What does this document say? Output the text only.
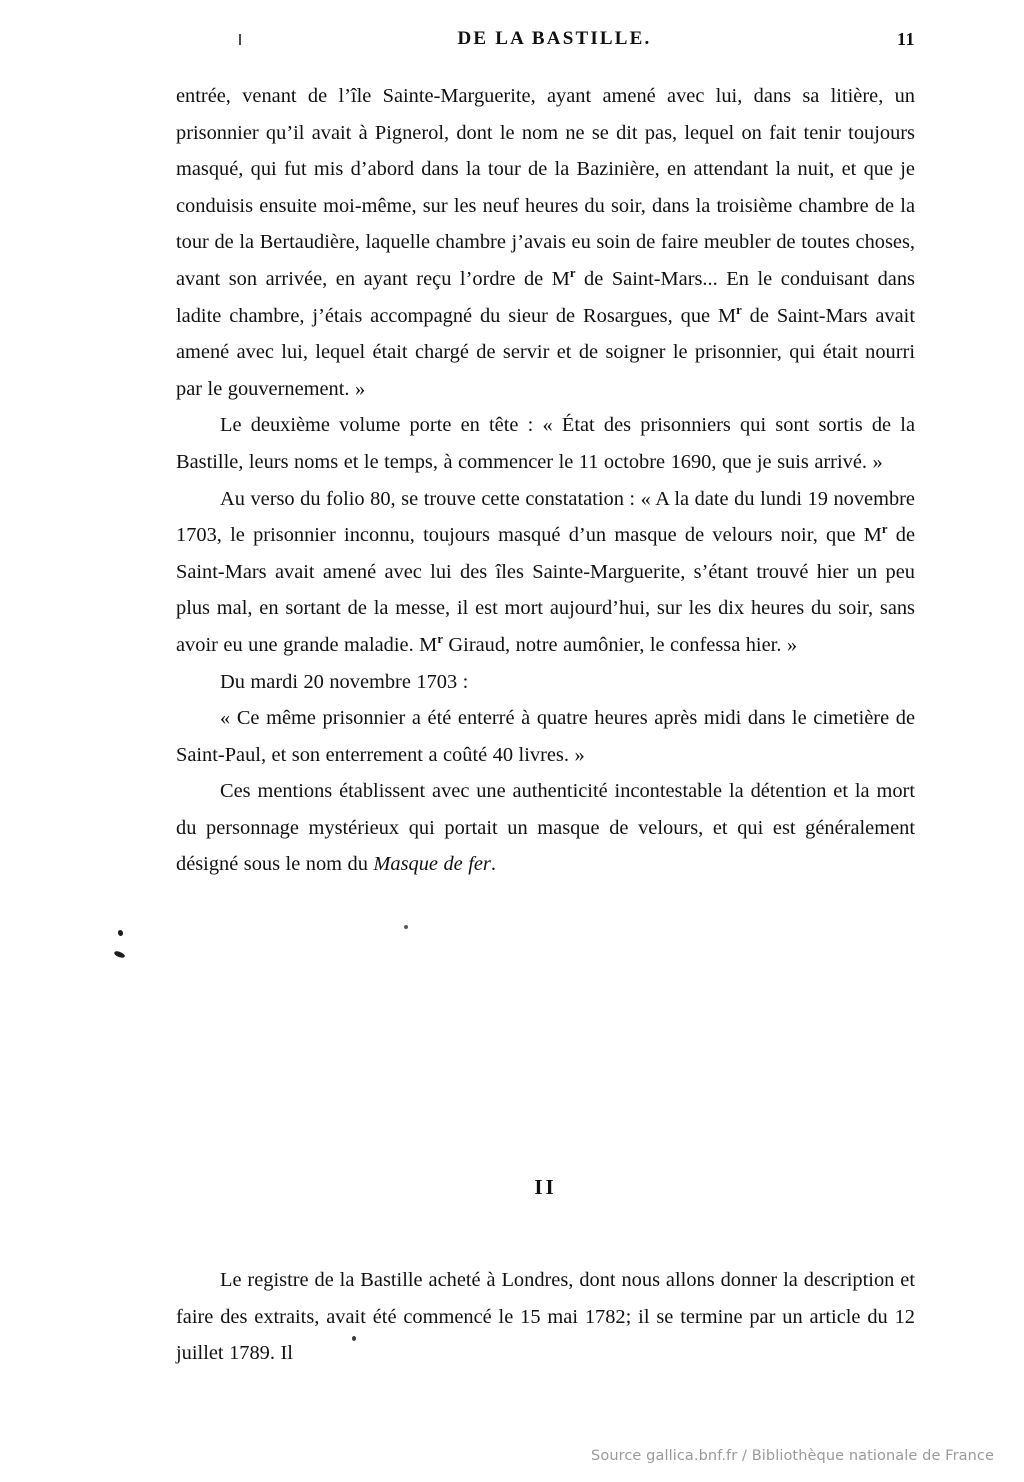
DE LA BASTILLE.	11

entrée, venant de l’île Sainte-Marguerite, ayant amené avec lui, dans sa litière, un prisonnier qu’il avait à Pignerol, dont le nom ne se dit pas, lequel on fait tenir toujours masqué, qui fut mis d’abord dans la tour de la Bazinière, en attendant la nuit, et que je conduisis ensuite moi-même, sur les neuf heures du soir, dans la troisième chambre de la tour de la Bertaudière, laquelle chambre j’avais eu soin de faire meubler de toutes choses, avant son arrivée, en ayant reçu l’ordre de $M^r$ de Saint-Mars... En le conduisant dans ladite chambre, j’étais accompagné du sieur de Rosargues, que $M^r$ de Saint-Mars avait amené avec lui, lequel était chargé de servir et de soigner le prisonnier, qui était nourri par le gouvernement. »

Le deuxième volume porte en tête : « État des prisonniers qui sont sortis de la Bastille, leurs noms et le temps, à commencer le 11 octobre 1690, que je suis arrivé. »

Au verso du folio 80, se trouve cette constatation : « A la date du lundi 19 novembre 1703, le prisonnier inconnu, toujours masqué d’un masque de velours noir, que $M^r$ de Saint-Mars avait amené avec lui des îles Sainte-Marguerite, s’étant trouvé hier un peu plus mal, en sortant de la messe, il est mort aujourd’hui, sur les dix heures du soir, sans avoir eu une grande maladie. $M^r$ Giraud, notre aumônier, le confessa hier. »

Du mardi 20 novembre 1703 :

« Ce même prisonnier a été enterré à quatre heures après midi dans le cimetière de Saint-Paul, et son enterrement a coûté 40 livres. »

Ces mentions établissent avec une authenticité incontestable la détention et la mort du personnage mystérieux qui portait un masque de velours, et qui est généralement désigné sous le nom du Masque de fer.

II

Le registre de la Bastille acheté à Londres, dont nous allons donner la description et faire des extraits, avait été commencé le 15 mai 1782; il se termine par un article du 12 juillet 1789. Il

Source gallica.bnf.fr / Bibliothèque nationale de France
